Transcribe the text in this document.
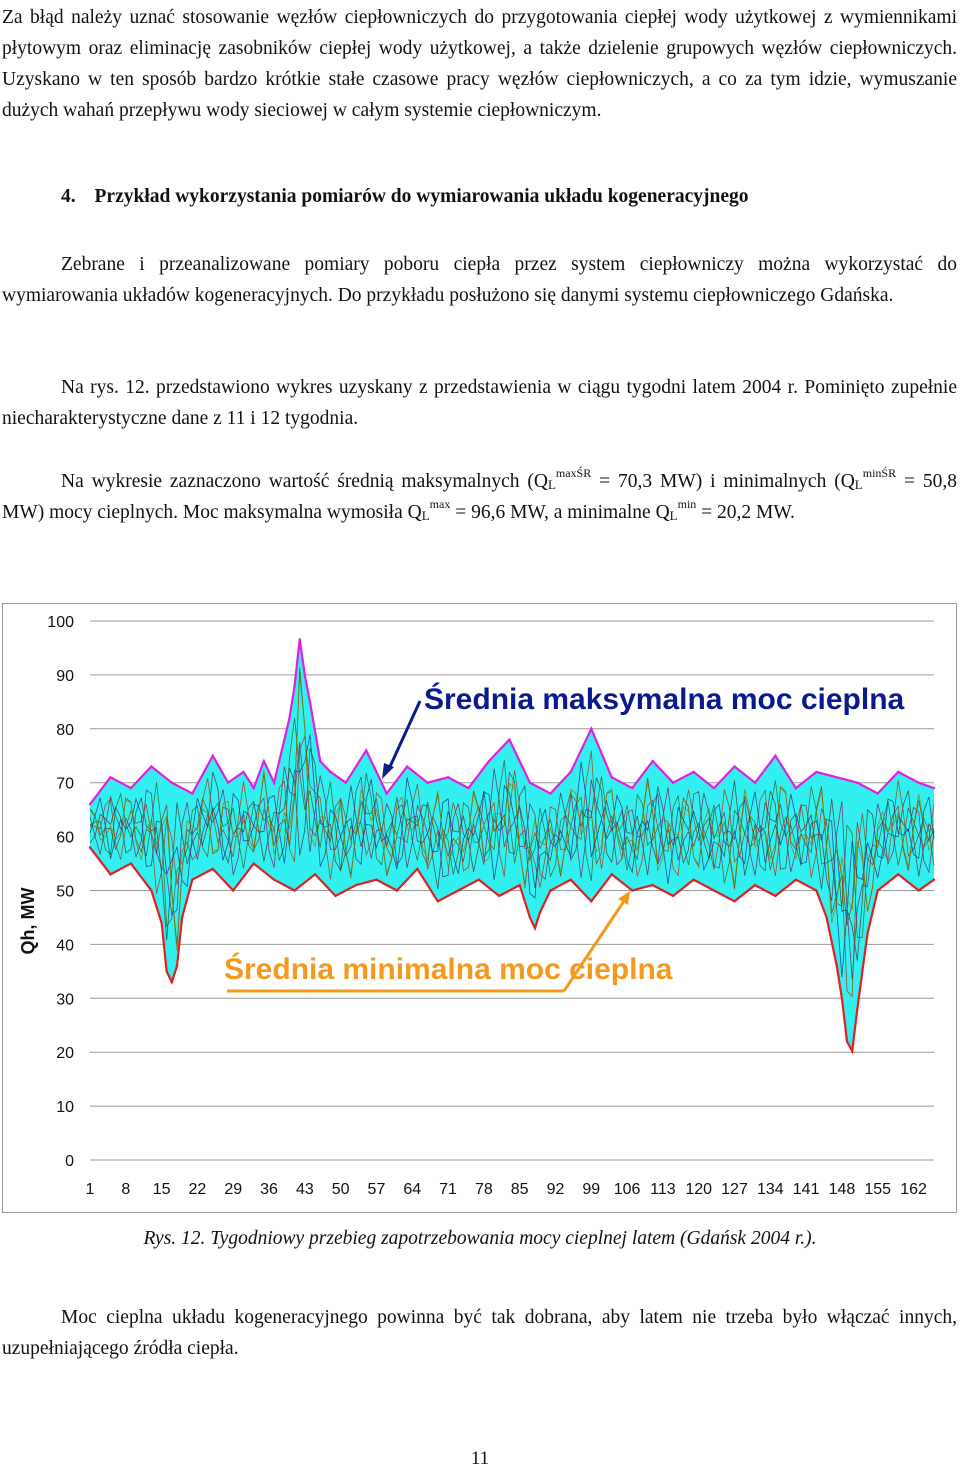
Za błąd należy uznać stosowanie węzłów ciepłowniczych do przygotowania ciepłej wody użytkowej z wymiennikami płytowym oraz eliminację zasobników ciepłej wody użytkowej, a także dzielenie grupowych węzłów ciepłowniczych. Uzyskano w ten sposób bardzo krótkie stałe czasowe pracy węzłów ciepłowniczych, a co za tym idzie, wymuszanie dużych wahań przepływu wody sieciowej w całym systemie ciepłowniczym.

4. Przykład wykorzystania pomiarów do wymiarowania układu kogeneracyjnego

Zebrane i przeanalizowane pomiary poboru ciepła przez system ciepłowniczy można wykorzystać do wymiarowania układów kogeneracyjnych. Do przykładu posłużono się danymi systemu ciepłowniczego Gdańska.

Na rys. 12. przedstawiono wykres uzyskany z przedstawienia w ciągu tygodni latem 2004 r. Pominięto zupełnie niecharakterystyczne dane z 11 i 12 tygodnia.

Na wykresie zaznaczono wartość średnią maksymalnych ($Q_L^{maxŚR} = 70,3$ MW) i minimalnych ($Q_L^{minŚR} = 50,8$ MW) mocy cieplnych. Moc maksymalna wymosiła $Q_L^{max} = 96,6$ MW, a minimalne $Q_L^{min} = 20,2$ MW.

0
10
20
30
40
50
60
70
80
90
100
1 8 15 22 29 36 43 50 57 64 71 78 85 92 99 106 113 120 127 134 141 148 155 162
Qh, MW
Średnia maksymalna moc cieplna
Średnia minimalna moc cieplna
Rys. 12. Tygodniowy przebieg zapotrzebowania mocy cieplnej latem (Gdańsk 2004 r.).

Moc cieplna układu kogeneracyjnego powinna być tak dobrana, aby latem nie trzeba było włączać innych, uzupełniającego źródła ciepła.

11
